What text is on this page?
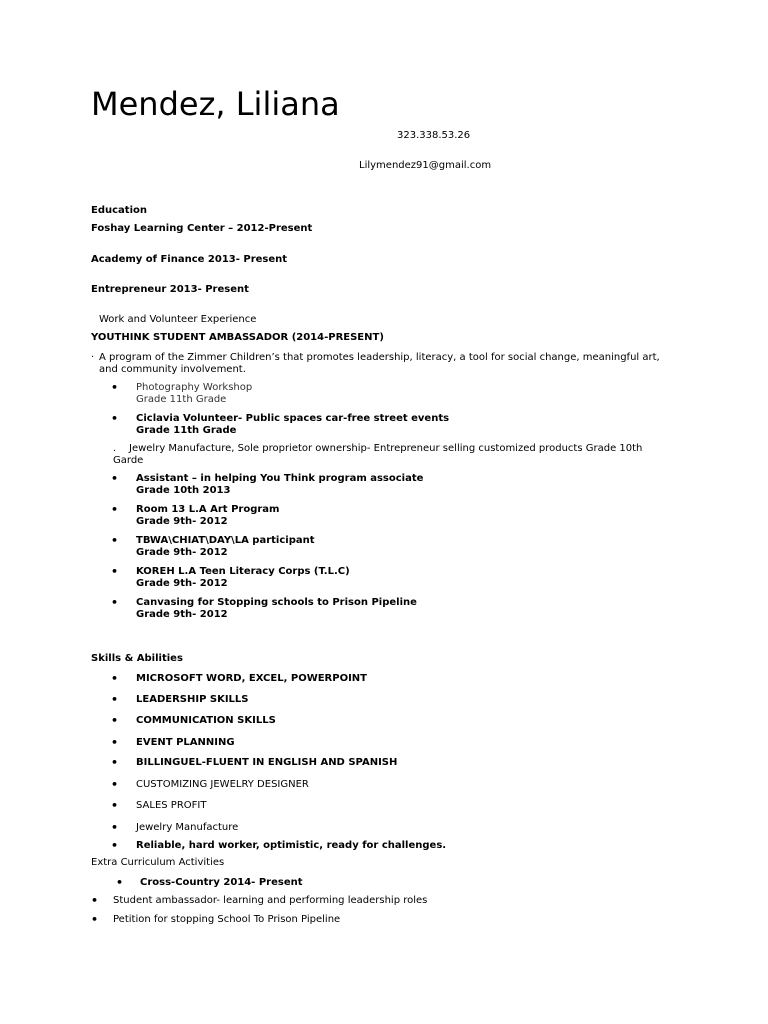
Mendez, Liliana
323.338.53.26
Lilymendez91@gmail.com
Education
Foshay Learning Center – 2012-Present
Academy of Finance 2013- Present
Entrepreneur 2013- Present
Work and Volunteer Experience
YOUTHINK STUDENT AMBASSADOR (2014-PRESENT)
· A program of the Zimmer Children’s that promotes leadership, literacy, a tool for social change, meaningful art, and community involvement.
• Photography Workshop
Grade 11th Grade
• Ciclavia Volunteer- Public spaces car-free street events
Grade 11th Grade
.	Jewelry Manufacture, Sole proprietor ownership- Entrepreneur selling customized products Grade 10th Garde
• Assistant – in helping You Think program associate
Grade 10th 2013
• Room 13 L.A Art Program
Grade 9th- 2012
• TBWA\CHIAT\DAY\LA participant
Grade 9th- 2012
• KOREH L.A Teen Literacy Corps (T.L.C)
Grade 9th- 2012
• Canvasing for Stopping schools to Prison Pipeline
Grade 9th- 2012
Skills & Abilities
• MICROSOFT WORD, EXCEL, POWERPOINT
• LEADERSHIP SKILLS
• COMMUNICATION SKILLS
• EVENT PLANNING
• BILLINGUEL-FLUENT IN ENGLISH AND SPANISH
• CUSTOMIZING JEWELRY DESIGNER
• SALES PROFIT
• Jewelry Manufacture
• Reliable, hard worker, optimistic, ready for challenges.
Extra Curriculum Activities
• Cross-Country 2014- Present
• Student ambassador- learning and performing leadership roles
• Petition for stopping School To Prison Pipeline
